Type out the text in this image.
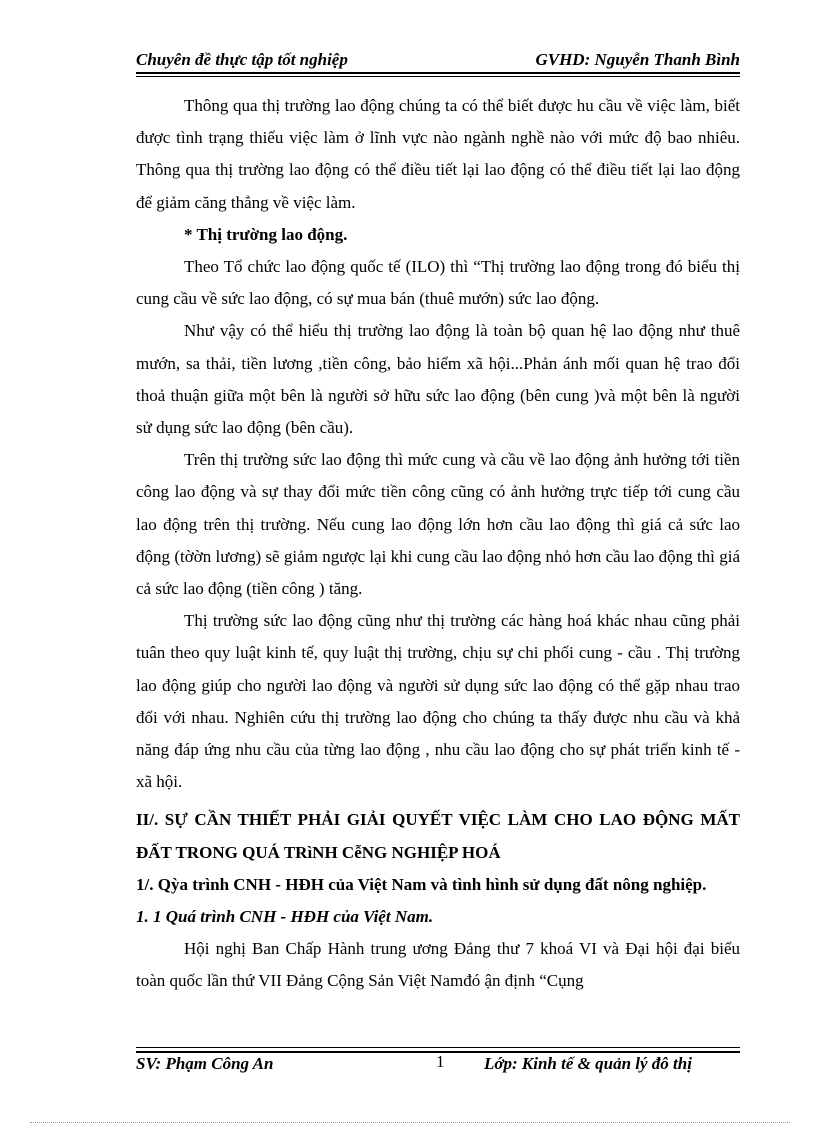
Chuyên đề thực tập tốt nghiệp	GVHD: Nguyễn Thanh Bình

Thông qua thị trường lao động chúng ta có thể biết được hu cầu về việc làm, biết được tình trạng thiếu việc làm ở lĩnh vực nào ngành nghề nào với mức độ bao nhiêu. Thông qua thị trường lao động có thể điều tiết lại lao động có thể điều tiết lại lao động để giảm căng thẳng về việc làm.

* Thị trường lao động.

Theo Tổ chức lao động quốc tế (ILO) thì “Thị trường lao động trong đó biểu thị cung cầu về sức lao động, có sự mua bán (thuê mướn) sức lao động.

Như vậy có thể hiểu thị trường lao động là toàn bộ quan hệ lao động như thuê mướn, sa thải, tiền lương ,tiền công, bảo hiểm xã hội...Phản ánh mối quan hệ trao đổi thoả thuận giữa một bên là người sở hữu sức lao động (bên cung )và một bên là người sử dụng sức lao động (bên cầu).

Trên thị trường sức lao động thì mức cung và cầu về lao động ảnh hưởng tới tiền công lao động và sự thay đổi mức tiền công cũng có ảnh hưởng trực tiếp tới cung cầu lao động trên thị trường. Nếu cung lao động lớn hơn cầu lao động thì giá cả sức lao động (tờờn lương) sẽ giảm ngược lại khi cung cầu lao động nhỏ hơn cầu lao động thì giá cả sức lao động (tiền công ) tăng.

Thị trường sức lao động cũng như thị trường các hàng hoá khác nhau cũng phải tuân theo quy luật kinh tế, quy luật thị trường, chịu sự chi phối cung - cầu . Thị trường lao động giúp cho người lao động và người sử dụng sức lao động có thể gặp nhau trao đổi với nhau. Nghiên cứu thị trường lao động cho chúng ta thấy được nhu cầu và khả năng đáp ứng nhu cầu của từng lao động , nhu cầu lao động cho sự phát triển kinh tế - xã hội.

II/. SỰ CẦN THIẾT PHẢI GIẢI QUYẾT VIỆC LÀM CHO LAO ĐỘNG MẤT ĐẤT TRONG QUÁ TRìNH CễNG NGHIỆP HOÁ

1/. Qỳa trình CNH - HĐH của Việt Nam và tình hình sử dụng đất nông nghiệp.

1. 1 Quá trình CNH - HĐH của Việt Nam.

Hội nghị Ban Chấp Hành trung ương Đảng thư 7 khoá VI và Đại hội đại biểu toàn quốc lần thứ VII Đảng Cộng Sản Việt Namđó ận định “Cụng

SV: Phạm Công An	1 Lớp: Kinh tế & quản lý đô thị
